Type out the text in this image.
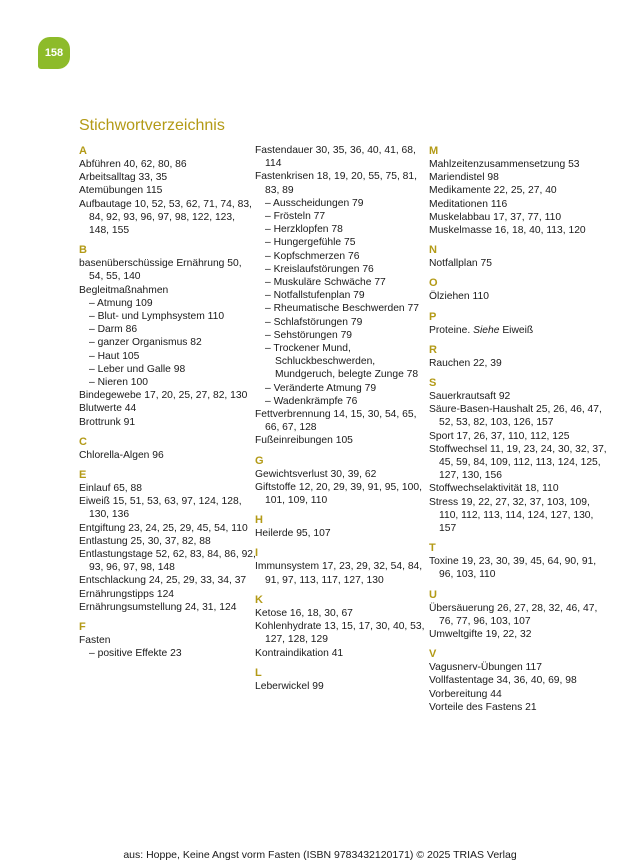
158
Stichwortverzeichnis
A
Abführen 40, 62, 80, 86
Arbeitsalltag 33, 35
Atemübungen 115
Aufbautage 10, 52, 53, 62, 71, 74, 83, 84, 92, 93, 96, 97, 98, 122, 123, 148, 155
B
basenüberschüssige Ernährung 50, 54, 55, 140
Begleitmaßnahmen
– Atmung 109
– Blut- und Lymphsystem 110
– Darm 86
– ganzer Organismus 82
– Haut 105
– Leber und Galle 98
– Nieren 100
Bindegewebe 17, 20, 25, 27, 82, 130
Blutwerte 44
Brottrunk 91
C
Chlorella-Algen 96
E
Einlauf 65, 88
Eiweiß 15, 51, 53, 63, 97, 124, 128, 130, 136
Entgiftung 23, 24, 25, 29, 45, 54, 110
Entlastung 25, 30, 37, 82, 88
Entlastungstage 52, 62, 83, 84, 86, 92, 93, 96, 97, 98, 148
Entschlackung 24, 25, 29, 33, 34, 37
Ernährungstipps 124
Ernährungsumstellung 24, 31, 124
F
Fasten
– positive Effekte 23
Fastendauer 30, 35, 36, 40, 41, 68, 114
Fastenkrisen 18, 19, 20, 55, 75, 81, 83, 89
– Ausscheidungen 79
– Frösteln 77
– Herzklopfen 78
– Hungergefühle 75
– Kopfschmerzen 76
– Kreislaufstörungen 76
– Muskuläre Schwäche 77
– Notfallstufenplan 79
– Rheumatische Beschwerden 77
– Schlafstörungen 79
– Sehstörungen 79
– Trockener Mund, Schluckbeschwerden, Mundgeruch, belegte Zunge 78
– Veränderte Atmung 79
– Wadenkrämpfe 76
Fettverbrennung 14, 15, 30, 54, 65, 66, 67, 128
Fußeinreibungen 105
G
Gewichtsverlust 30, 39, 62
Giftstoffe 12, 20, 29, 39, 91, 95, 100, 101, 109, 110
H
Heilerde 95, 107
I
Immunsystem 17, 23, 29, 32, 54, 84, 91, 97, 113, 117, 127, 130
K
Ketose 16, 18, 30, 67
Kohlenhydrate 13, 15, 17, 30, 40, 53, 127, 128, 129
Kontraindikation 41
L
Leberwickel 99
M
Mahlzeitenzusammensetzung 53
Mariendistel 98
Medikamente 22, 25, 27, 40
Meditationen 116
Muskelabbau 17, 37, 77, 110
Muskelmasse 16, 18, 40, 113, 120
N
Notfallplan 75
O
Ölziehen 110
P
Proteine. Siehe Eiweiß
R
Rauchen 22, 39
S
Sauerkrautsaft 92
Säure-Basen-Haushalt 25, 26, 46, 47, 52, 53, 82, 103, 126, 157
Sport 17, 26, 37, 110, 112, 125
Stoffwechsel 11, 19, 23, 24, 30, 32, 37, 45, 59, 84, 109, 112, 113, 124, 125, 127, 130, 156
Stoffwechselaktivität 18, 110
Stress 19, 22, 27, 32, 37, 103, 109, 110, 112, 113, 114, 124, 127, 130, 157
T
Toxine 19, 23, 30, 39, 45, 64, 90, 91, 96, 103, 110
U
Übersäuerung 26, 27, 28, 32, 46, 47, 76, 77, 96, 103, 107
Umweltgifte 19, 22, 32
V
Vagusnerv-Übungen 117
Vollfastentage 34, 36, 40, 69, 98
Vorbereitung 44
Vorteile des Fastens 21
aus: Hoppe, Keine Angst vorm Fasten (ISBN 9783432120171) © 2025 TRIAS Verlag
